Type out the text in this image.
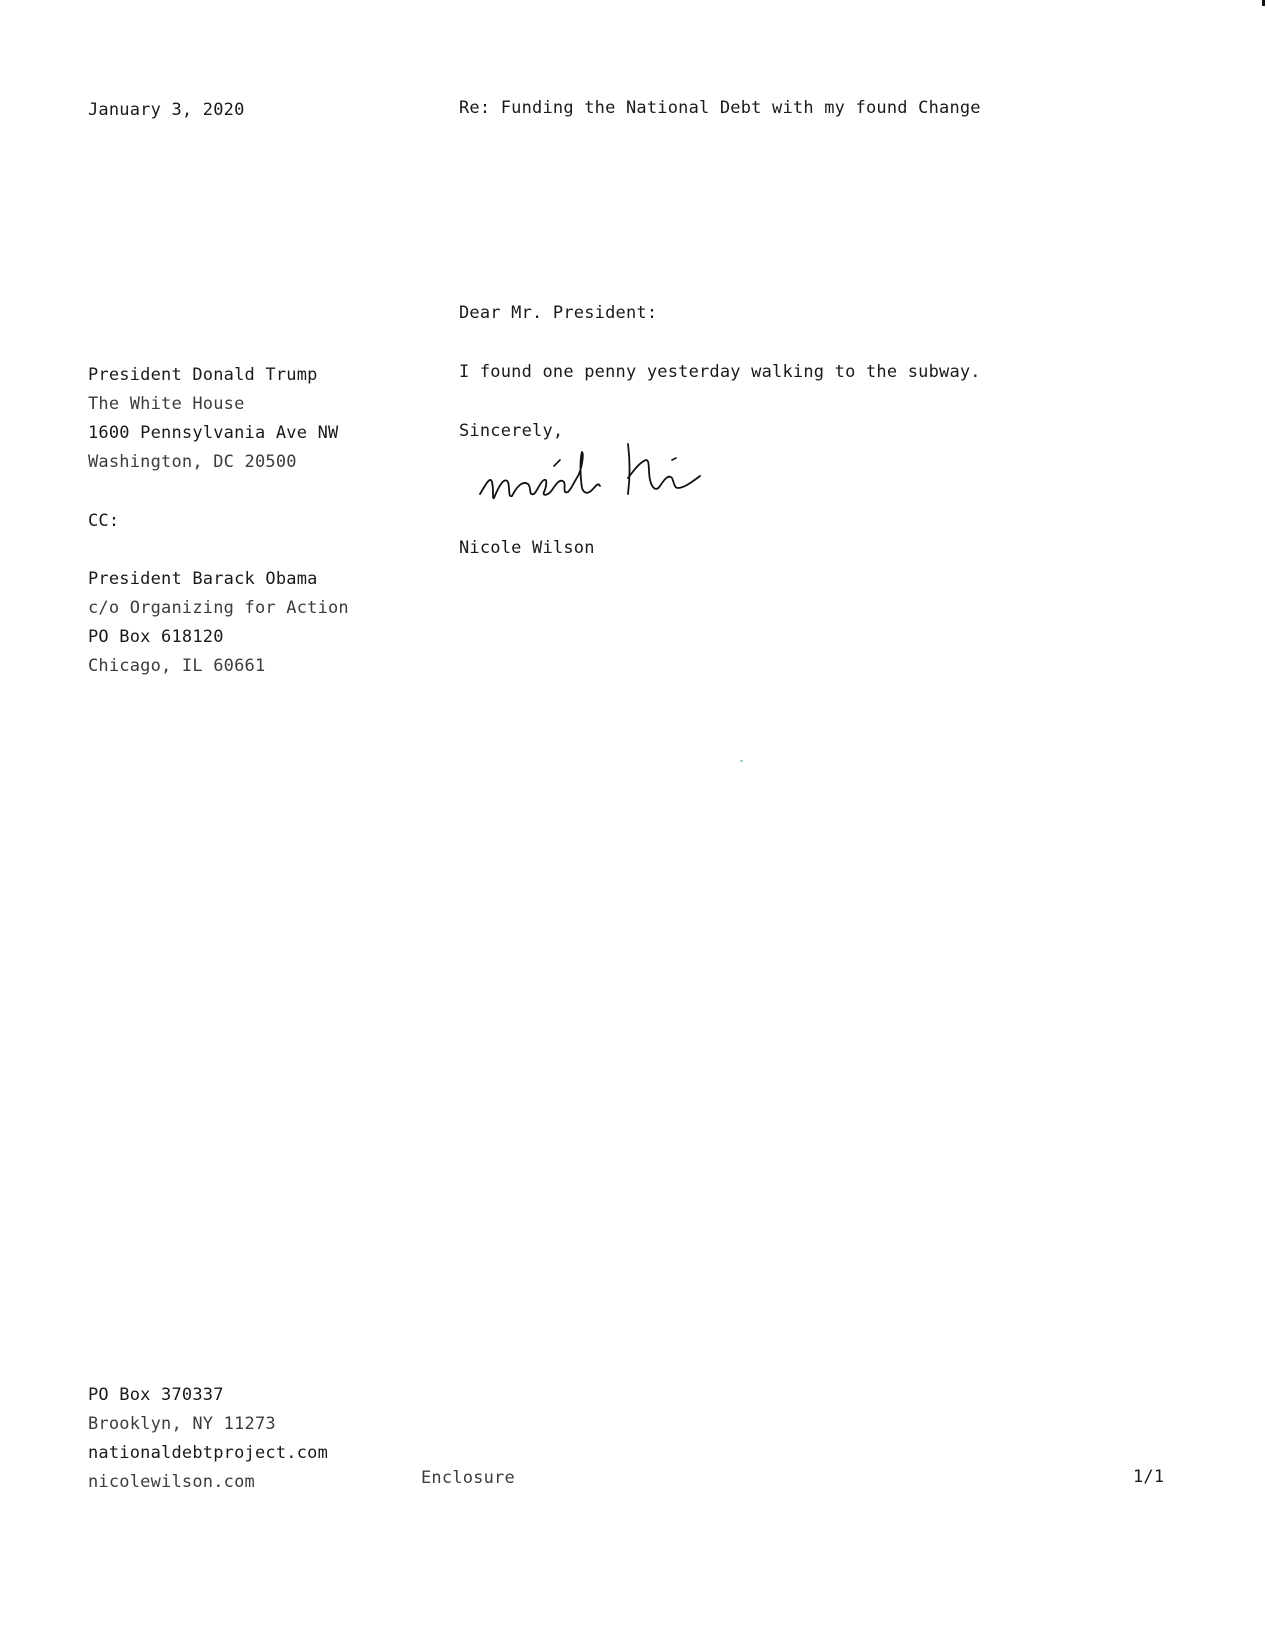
January 3, 2020	Re: Funding the National Debt with my found Change
Dear Mr. President:
President Donald Trump
The White House
1600 Pennsylvania Ave NW
Washington, DC 20500
I found one penny yesterday walking to the subway.
Sincerely,
Nicole Wilson
CC:
President Barack Obama
c/o Organizing for Action
PO Box 618120
Chicago, IL 60661
PO Box 370337
Brooklyn, NY 11273
nationaldebtproject.com
nicolewilson.com	Enclosure	1/1
